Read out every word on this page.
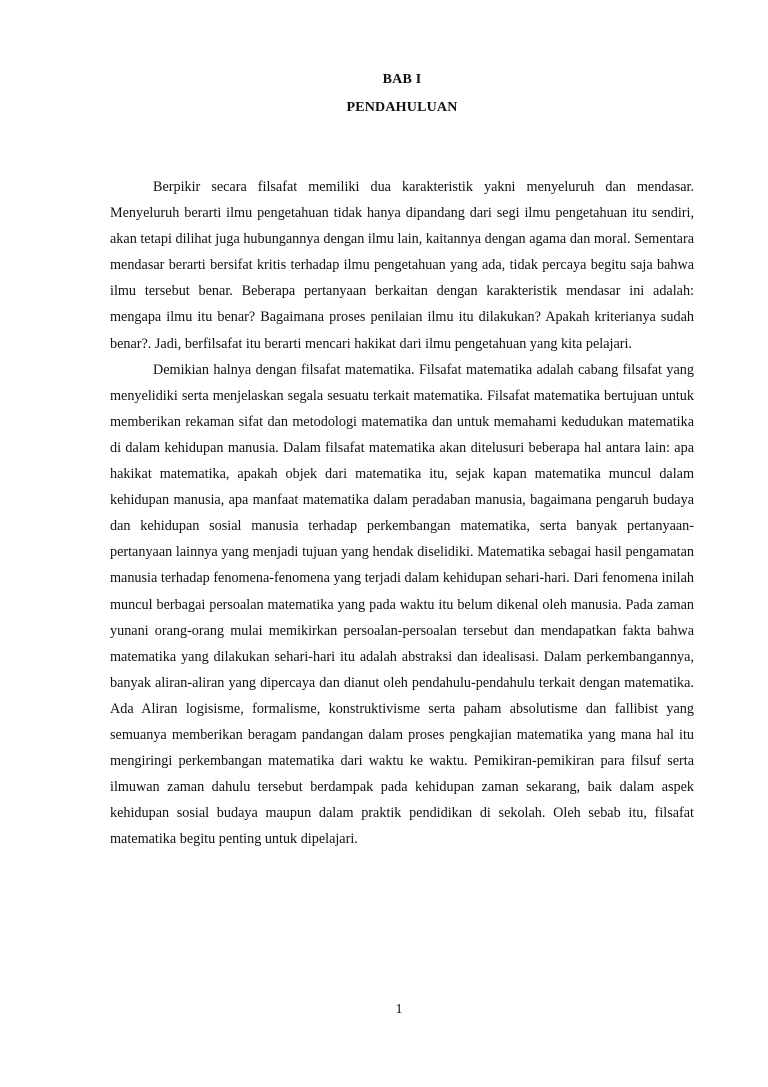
BAB I
PENDAHULUAN

Berpikir secara filsafat memiliki dua karakteristik yakni menyeluruh dan mendasar. Menyeluruh berarti ilmu pengetahuan tidak hanya dipandang dari segi ilmu pengetahuan itu sendiri, akan tetapi dilihat juga hubungannya dengan ilmu lain, kaitannya dengan agama dan moral. Sementara mendasar berarti bersifat kritis terhadap ilmu pengetahuan yang ada, tidak percaya begitu saja bahwa ilmu tersebut benar. Beberapa pertanyaan berkaitan dengan karakteristik mendasar ini adalah: mengapa ilmu itu benar? Bagaimana proses penilaian ilmu itu dilakukan? Apakah kriterianya sudah benar?. Jadi, berfilsafat itu berarti mencari hakikat dari ilmu pengetahuan yang kita pelajari.

Demikian halnya dengan filsafat matematika. Filsafat matematika adalah cabang filsafat yang menyelidiki serta menjelaskan segala sesuatu terkait matematika. Filsafat matematika bertujuan untuk memberikan rekaman sifat dan metodologi matematika dan untuk memahami kedudukan matematika di dalam kehidupan manusia. Dalam filsafat matematika akan ditelusuri beberapa hal antara lain: apa hakikat matematika, apakah objek dari matematika itu, sejak kapan matematika muncul dalam kehidupan manusia, apa manfaat matematika dalam peradaban manusia, bagaimana pengaruh budaya dan kehidupan sosial manusia terhadap perkembangan matematika, serta banyak pertanyaan-pertanyaan lainnya yang menjadi tujuan yang hendak diselidiki. Matematika sebagai hasil pengamatan manusia terhadap fenomena-fenomena yang terjadi dalam kehidupan sehari-hari. Dari fenomena inilah muncul berbagai persoalan matematika yang pada waktu itu belum dikenal oleh manusia. Pada zaman yunani orang-orang mulai memikirkan persoalan-persoalan tersebut dan mendapatkan fakta bahwa matematika yang dilakukan sehari-hari itu adalah abstraksi dan idealisasi. Dalam perkembangannya, banyak aliran-aliran yang dipercaya dan dianut oleh pendahulu-pendahulu terkait dengan matematika. Ada Aliran logisisme, formalisme, konstruktivisme serta paham absolutisme dan fallibist yang semuanya memberikan beragam pandangan dalam proses pengkajian matematika yang mana hal itu mengiringi perkembangan matematika dari waktu ke waktu. Pemikiran-pemikiran para filsuf serta ilmuwan zaman dahulu tersebut berdampak pada kehidupan zaman sekarang, baik dalam aspek kehidupan sosial budaya maupun dalam praktik pendidikan di sekolah. Oleh sebab itu, filsafat matematika begitu penting untuk dipelajari.

1
